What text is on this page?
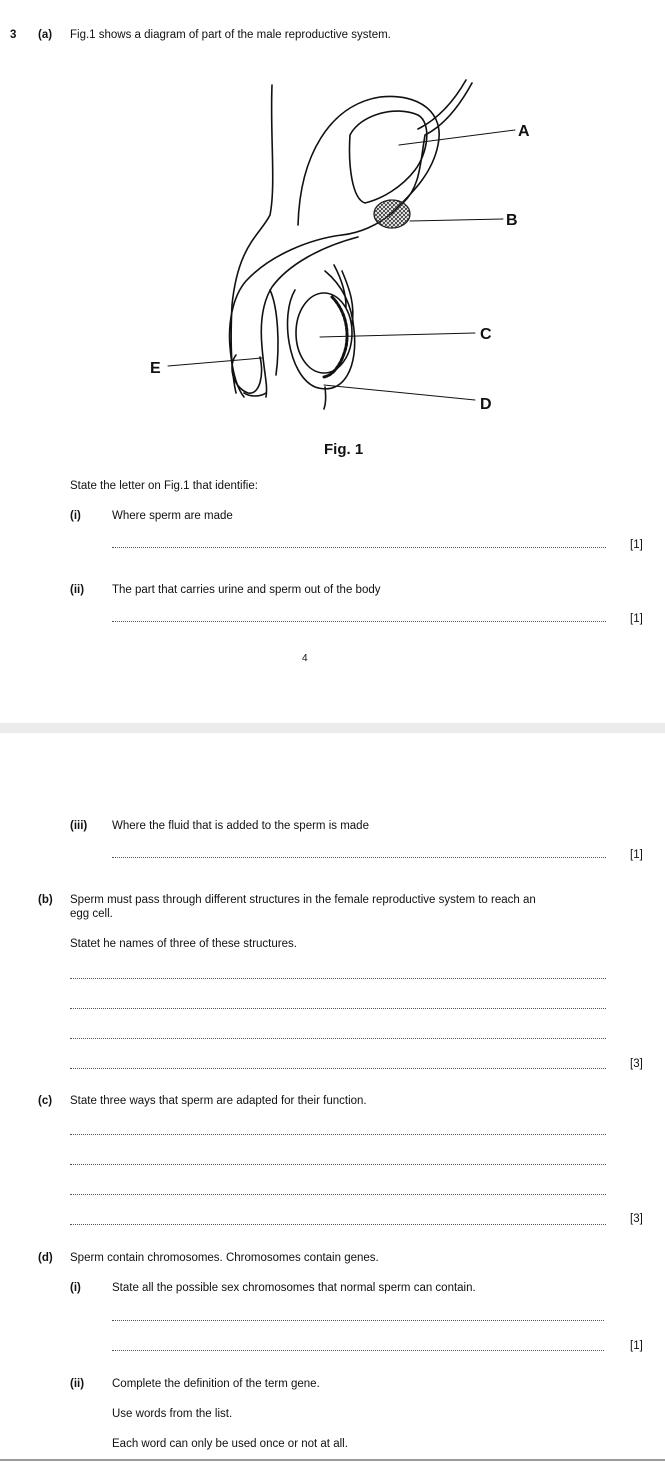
3 (a) Fig.1 shows a diagram of part of the male reproductive system.
A
B
C
D
E
Fig. 1
State the letter on Fig.1 that identifie:
(i)	Where sperm are made
[1]
(ii) The part that carries urine and sperm out of the body
[1]
4
(iii) Where the fluid that is added to the sperm is made
[1]
(b) Sperm must pass through different structures in the female reproductive system to reach an
egg cell.
Statet he names of three of these structures.
[3]
(c) State three ways that sperm are adapted for their function.
[3]
(d) Sperm contain chromosomes. Chromosomes contain genes.
(i)	State all the possible sex chromosomes that normal sperm can contain.
[1]
(ii) Complete the definition of the term gene.
Use words from the list.
Each word can only be used once or not at all.
